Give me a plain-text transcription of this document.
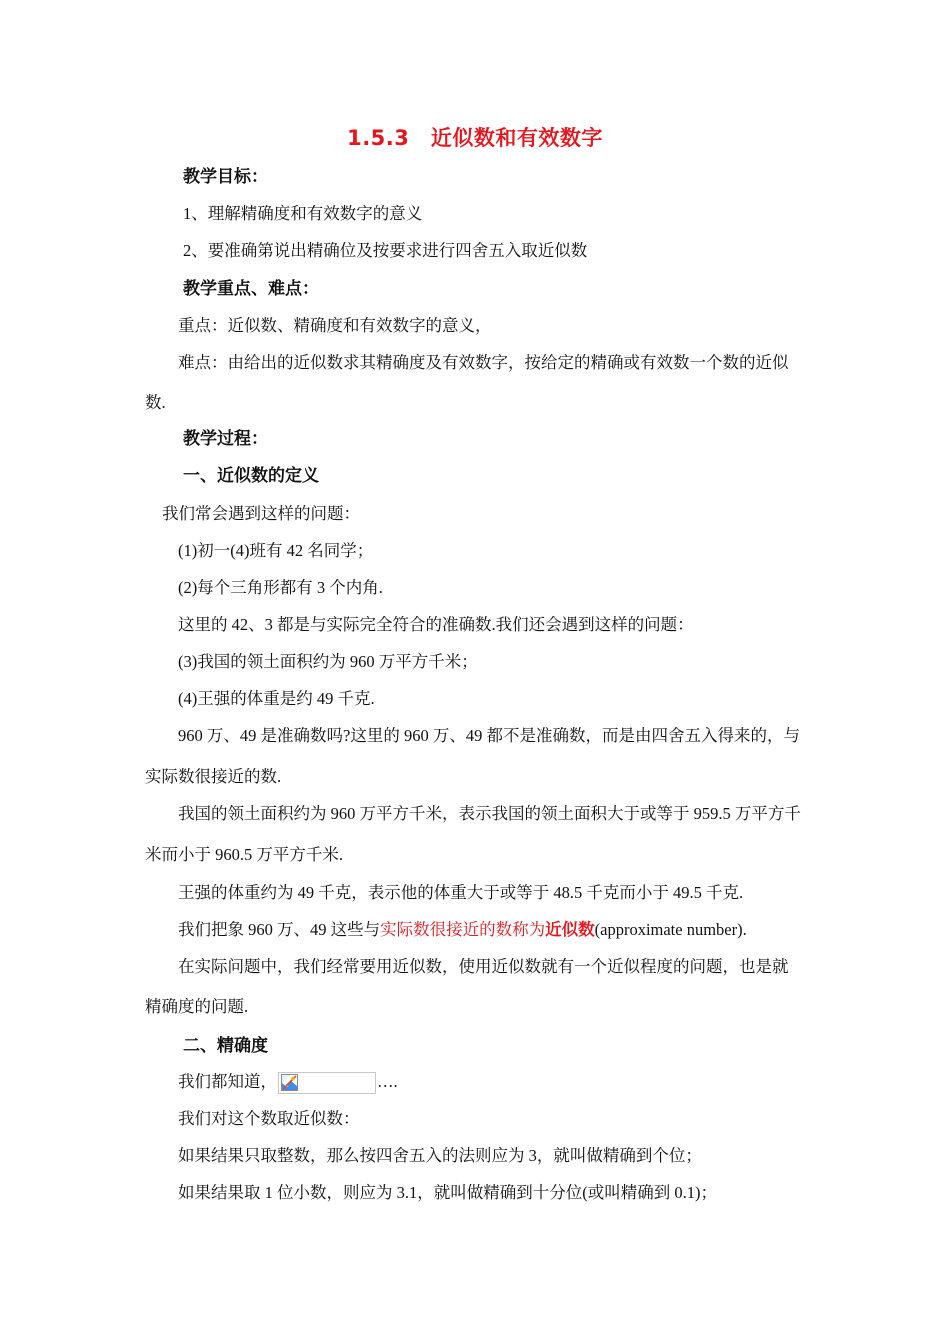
1.5.3　近似数和有效数字
教学目标：
1、理解精确度和有效数字的意义
2、要准确第说出精确位及按要求进行四舍五入取近似数
教学重点、难点：
重点：近似数、精确度和有效数字的意义，
难点：由给出的近似数求其精确度及有效数字，按给定的精确或有效数一个数的近似
数.
教学过程：
一、近似数的定义
我们常会遇到这样的问题：
(1)初一(4)班有 42 名同学；
(2)每个三角形都有 3 个内角.
这里的 42、3 都是与实际完全符合的准确数.我们还会遇到这样的问题：
(3)我国的领土面积约为 960 万平方千米；
(4)王强的体重是约 49 千克.
960 万、49 是准确数吗?这里的 960 万、49 都不是准确数，而是由四舍五入得来的，与
实际数很接近的数.
我国的领土面积约为 960 万平方千米，表示我国的领土面积大于或等于 959.5 万平方千
米而小于 960.5 万平方千米.
王强的体重约为 49 千克，表示他的体重大于或等于 48.5 千克而小于 49.5 千克.
我们把象 960 万、49 这些与实际数很接近的数称为近似数(approximate number).
在实际问题中，我们经常要用近似数，使用近似数就有一个近似程度的问题，也是就
精确度的问题.
二、精确度
我们都知道，	….
我们对这个数取近似数：
如果结果只取整数，那么按四舍五入的法则应为 3，就叫做精确到个位；
如果结果取 1 位小数，则应为 3.1，就叫做精确到十分位(或叫精确到 0.1)；
